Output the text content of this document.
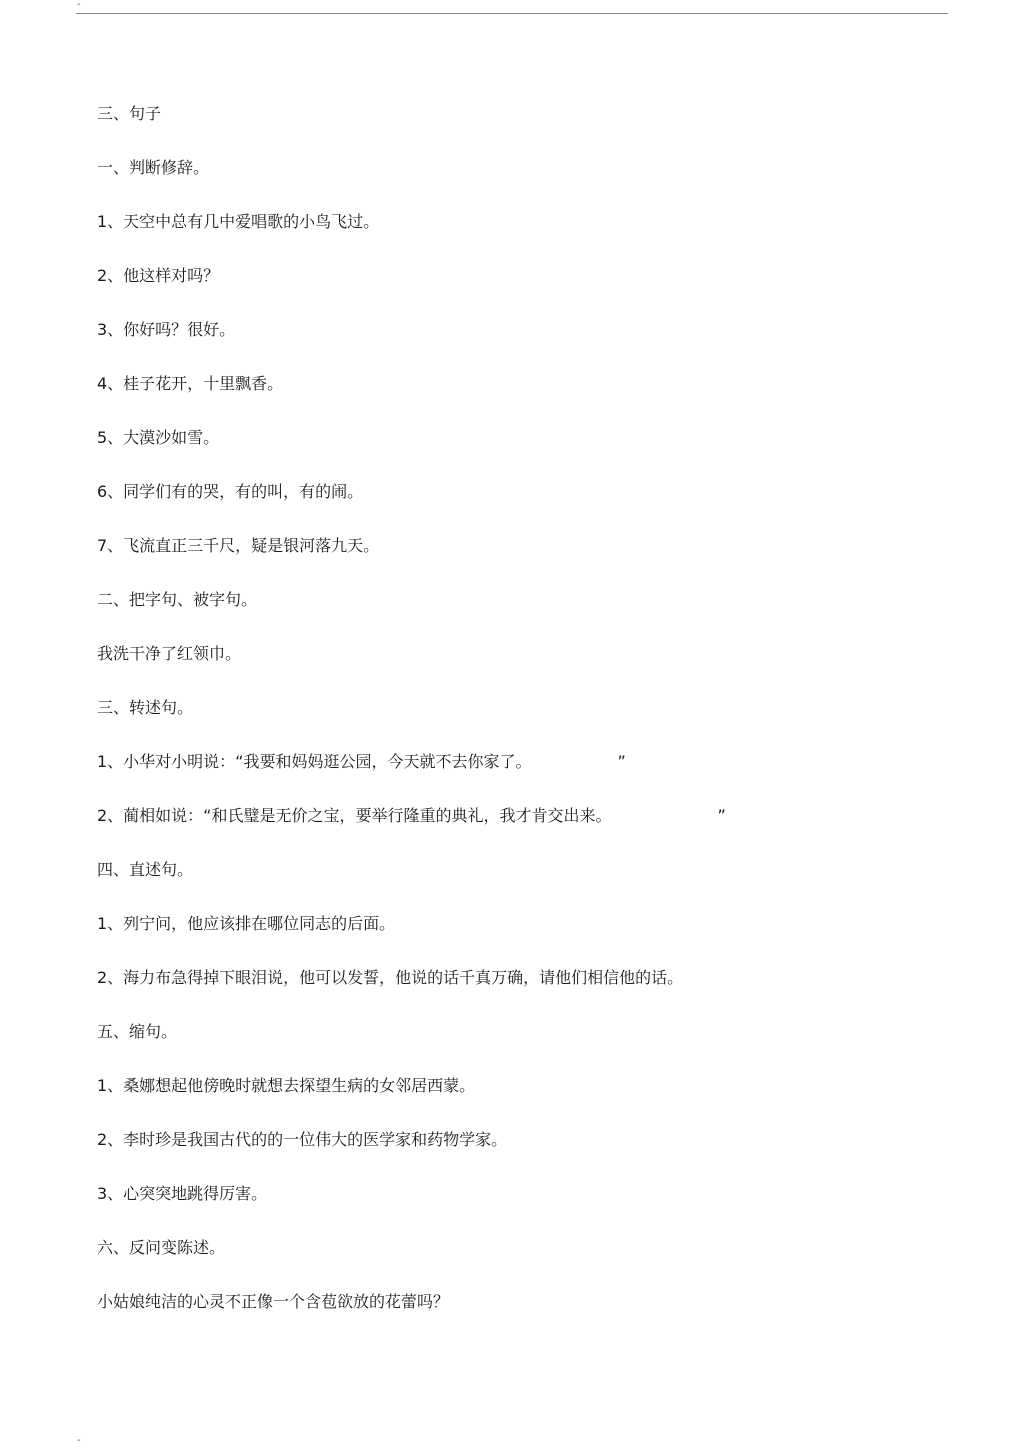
-
三、句子
一、判断修辞。
1、天空中总有几中爱唱歌的小鸟飞过。
2、他这样对吗？
3、你好吗？很好。
4、桂子花开，十里飘香。
5、大漠沙如雪。
6、同学们有的哭，有的叫，有的闹。
7、飞流直正三千尺，疑是银河落九天。
二、把字句、被字句。
我洗干净了红领巾。
三、转述句。
1、小华对小明说：“我要和妈妈逛公园，今天就不去你家了。	”
2、蔺相如说：“和氏璧是无价之宝，要举行隆重的典礼，我才肯交出来。	”
四、直述句。
1、列宁问，他应该排在哪位同志的后面。
2、海力布急得掉下眼泪说，他可以发誓，他说的话千真万确，请他们相信他的话。
五、缩句。
1、桑娜想起他傍晚时就想去探望生病的女邻居西蒙。
2、李时珍是我国古代的的一位伟大的医学家和药物学家。
3、心突突地跳得厉害。
六、反问变陈述。
小姑娘纯洁的心灵不正像一个含苞欲放的花蕾吗？
-
